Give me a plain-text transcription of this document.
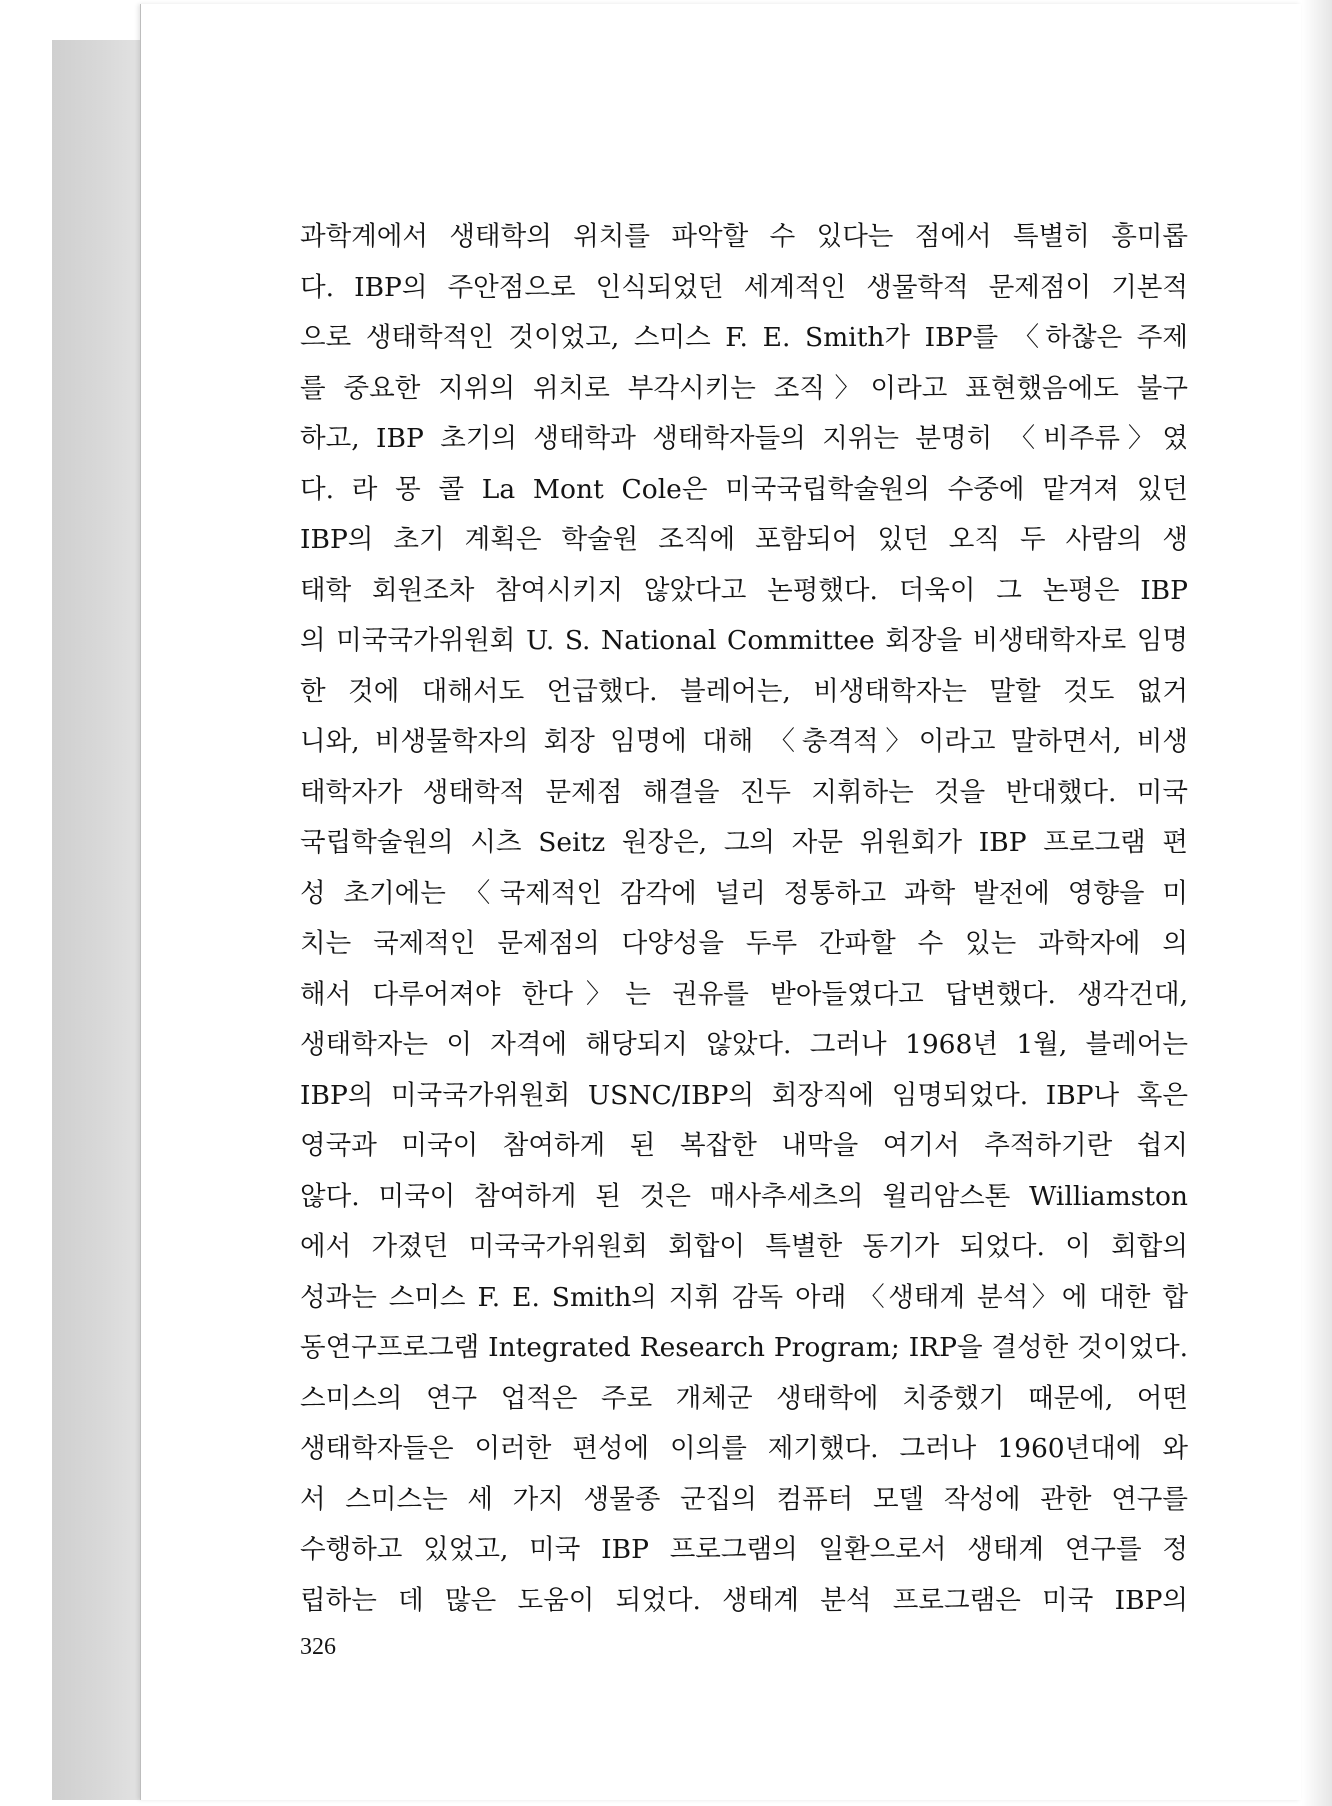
과학계에서 생태학의 위치를 파악할 수 있다는 점에서 특별히 흥미롭
다. IBP의 주안점으로 인식되었던 세계적인 생물학적 문제점이 기본적
으로 생태학적인 것이었고, 스미스 F. E. Smith가 IBP를 〈하찮은 주제
를 중요한 지위의 위치로 부각시키는 조직〉이라고 표현했음에도 불구
하고, IBP 초기의 생태학과 생태학자들의 지위는 분명히 〈비주류〉였
다. 라 몽 콜 La Mont Cole은 미국국립학술원의 수중에 맡겨져 있던
IBP의 초기 계획은 학술원 조직에 포함되어 있던 오직 두 사람의 생
태학 회원조차 참여시키지 않았다고 논평했다. 더욱이 그 논평은 IBP
의 미국국가위원회 U. S. National Committee 회장을 비생태학자로 임명
한 것에 대해서도 언급했다. 블레어는, 비생태학자는 말할 것도 없거
니와, 비생물학자의 회장 임명에 대해 〈충격적〉이라고 말하면서, 비생
태학자가 생태학적 문제점 해결을 진두 지휘하는 것을 반대했다. 미국
국립학술원의 시츠 Seitz 원장은, 그의 자문 위원회가 IBP 프로그램 편
성 초기에는 〈국제적인 감각에 널리 정통하고 과학 발전에 영향을 미
치는 국제적인 문제점의 다양성을 두루 간파할 수 있는 과학자에 의
해서 다루어져야 한다〉는 권유를 받아들였다고 답변했다. 생각건대,
생태학자는 이 자격에 해당되지 않았다. 그러나 1968년 1월, 블레어는
IBP의 미국국가위원회 USNC/IBP의 회장직에 임명되었다. IBP나 혹은
영국과 미국이 참여하게 된 복잡한 내막을 여기서 추적하기란 쉽지
않다. 미국이 참여하게 된 것은 매사추세츠의 윌리암스톤 Williamston
에서 가졌던 미국국가위원회 회합이 특별한 동기가 되었다. 이 회합의
성과는 스미스 F. E. Smith의 지휘 감독 아래 〈생태계 분석〉에 대한 합
동연구프로그램 Integrated Research Program; IRP을 결성한 것이었다.
스미스의 연구 업적은 주로 개체군 생태학에 치중했기 때문에, 어떤
생태학자들은 이러한 편성에 이의를 제기했다. 그러나 1960년대에 와
서 스미스는 세 가지 생물종 군집의 컴퓨터 모델 작성에 관한 연구를
수행하고 있었고, 미국 IBP 프로그램의 일환으로서 생태계 연구를 정
립하는 데 많은 도움이 되었다. 생태계 분석 프로그램은 미국 IBP의
326
